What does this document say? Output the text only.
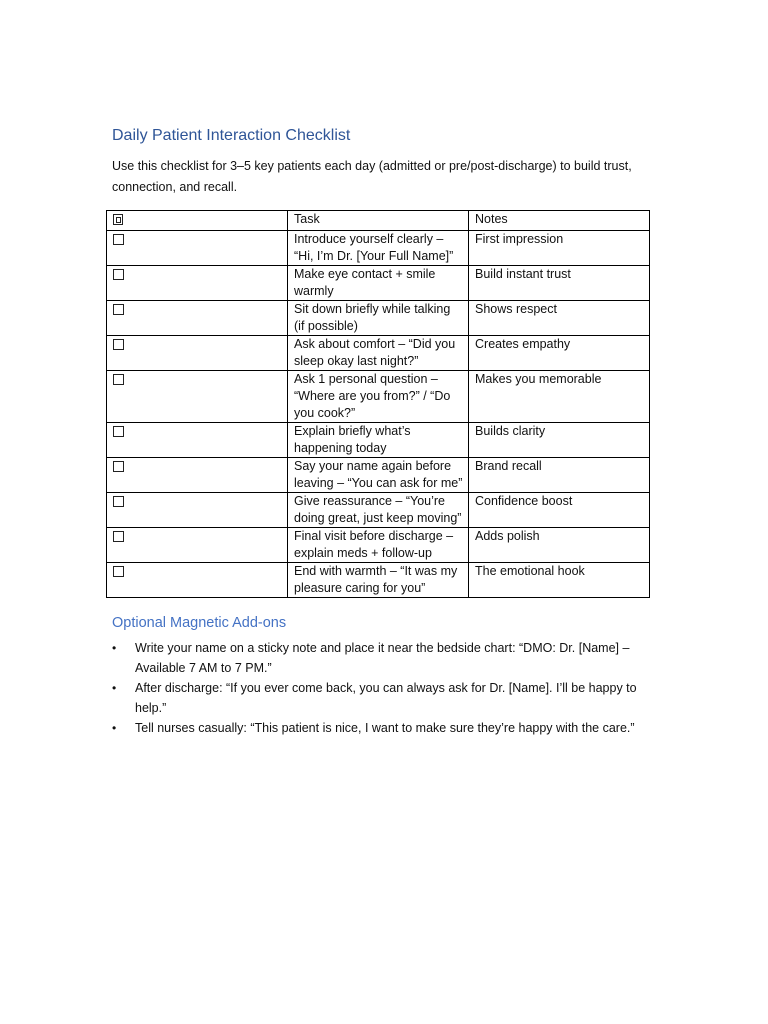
Daily Patient Interaction Checklist

Use this checklist for 3–5 key patients each day (admitted or pre/post-discharge) to build trust, connection, and recall.

	Task	Notes
	Introduce yourself clearly – “Hi, I’m Dr. [Your Full Name]”	First impression
	Make eye contact + smile warmly	Build instant trust
	Sit down briefly while talking (if possible)	Shows respect
	Ask about comfort – “Did you sleep okay last night?”	Creates empathy
	Ask 1 personal question – “Where are you from?” / “Do you cook?”	Makes you memorable
	Explain briefly what’s happening today	Builds clarity
	Say your name again before leaving – “You can ask for me”	Brand recall
	Give reassurance – “You’re doing great, just keep moving”	Confidence boost
	Final visit before discharge – explain meds + follow-up	Adds polish
	End with warmth – “It was my pleasure caring for you”	The emotional hook
Optional Magnetic Add-ons
• Write your name on a sticky note and place it near the bedside chart: “DMO: Dr. [Name] – Available 7 AM to 7 PM.”
• After discharge: “If you ever come back, you can always ask for Dr. [Name]. I’ll be happy to help.”
• Tell nurses casually: “This patient is nice, I want to make sure they’re happy with the care.”
